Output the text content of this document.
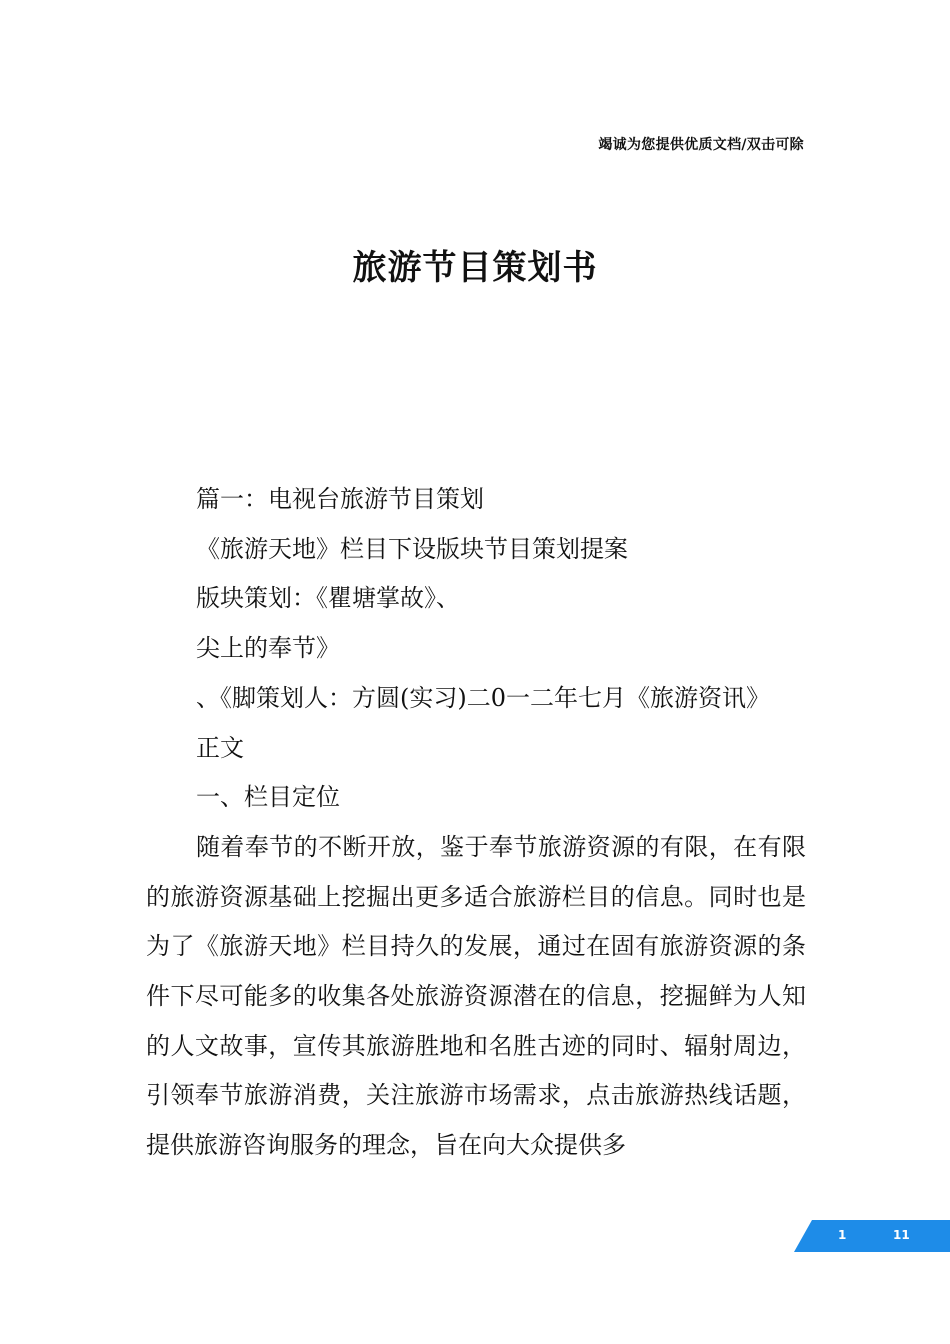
竭诚为您提供优质文档/双击可除
旅游节目策划书
篇一：电视台旅游节目策划
《旅游天地》栏目下设版块节目策划提案
版块策划：《瞿塘掌故》、
尖上的奉节》
、《脚策划人：方圆(实习)二0一二年七月《旅游资讯》
正文
一、栏目定位

随着奉节的不断开放，鉴于奉节旅游资源的有限，在有限的旅游资源基础上挖掘出更多适合旅游栏目的信息。同时也是为了《旅游天地》栏目持久的发展，通过在固有旅游资源的条件下尽可能多的收集各处旅游资源潜在的信息，挖掘鲜为人知的人文故事，宣传其旅游胜地和名胜古迹的同时、辐射周边，引领奉节旅游消费，关注旅游市场需求，点击旅游热线话题，提供旅游咨询服务的理念，旨在向大众提供多

1	11
